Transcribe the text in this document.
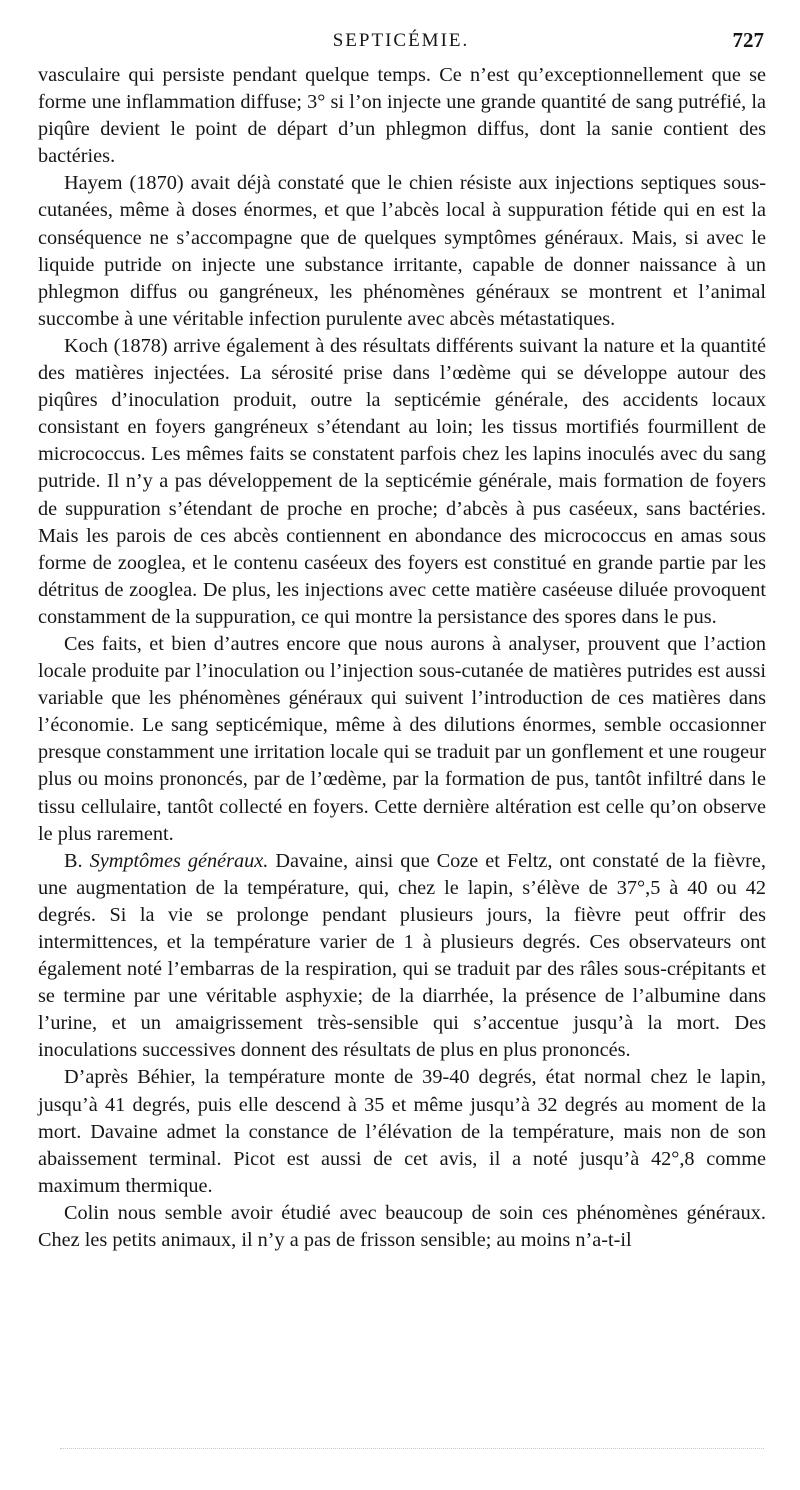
SEPTICÉMIE.	727

vasculaire qui persiste pendant quelque temps. Ce n’est qu’exceptionnellement que se forme une inflammation diffuse; 3° si l’on injecte une grande quantité de sang putréfié, la piqûre devient le point de départ d’un phlegmon diffus, dont la sanie contient des bactéries.

Hayem (1870) avait déjà constaté que le chien résiste aux injections septiques sous-cutanées, même à doses énormes, et que l’abcès local à suppuration fétide qui en est la conséquence ne s’accompagne que de quelques symptômes généraux. Mais, si avec le liquide putride on injecte une substance irritante, capable de donner naissance à un phlegmon diffus ou gangréneux, les phénomènes généraux se montrent et l’animal succombe à une véritable infection purulente avec abcès métastatiques.

Koch (1878) arrive également à des résultats différents suivant la nature et la quantité des matières injectées. La sérosité prise dans l’œdème qui se développe autour des piqûres d’inoculation produit, outre la septicémie générale, des accidents locaux consistant en foyers gangréneux s’étendant au loin; les tissus mortifiés fourmillent de micrococcus. Les mêmes faits se constatent parfois chez les lapins inoculés avec du sang putride. Il n’y a pas développement de la septicémie générale, mais formation de foyers de suppuration s’étendant de proche en proche; d’abcès à pus caséeux, sans bactéries. Mais les parois de ces abcès contiennent en abondance des micrococcus en amas sous forme de zooglea, et le contenu caséeux des foyers est constitué en grande partie par les détritus de zooglea. De plus, les injections avec cette matière caséeuse diluée provoquent constamment de la suppuration, ce qui montre la persistance des spores dans le pus.

Ces faits, et bien d’autres encore que nous aurons à analyser, prouvent que l’action locale produite par l’inoculation ou l’injection sous-cutanée de matières putrides est aussi variable que les phénomènes généraux qui suivent l’introduction de ces matières dans l’économie. Le sang septicémique, même à des dilutions énormes, semble occasionner presque constamment une irritation locale qui se traduit par un gonflement et une rougeur plus ou moins prononcés, par de l’œdème, par la formation de pus, tantôt infiltré dans le tissu cellulaire, tantôt collecté en foyers. Cette dernière altération est celle qu’on observe le plus rarement.

B. Symptômes généraux. Davaine, ainsi que Coze et Feltz, ont constaté de la fièvre, une augmentation de la température, qui, chez le lapin, s’élève de 37°,5 à 40 ou 42 degrés. Si la vie se prolonge pendant plusieurs jours, la fièvre peut offrir des intermittences, et la température varier de 1 à plusieurs degrés. Ces observateurs ont également noté l’embarras de la respiration, qui se traduit par des râles sous-crépitants et se termine par une véritable asphyxie; de la diarrhée, la présence de l’albumine dans l’urine, et un amaigrissement très-sensible qui s’accentue jusqu’à la mort. Des inoculations successives donnent des résultats de plus en plus prononcés.

D’après Béhier, la température monte de 39-40 degrés, état normal chez le lapin, jusqu’à 41 degrés, puis elle descend à 35 et même jusqu’à 32 degrés au moment de la mort. Davaine admet la constance de l’élévation de la température, mais non de son abaissement terminal. Picot est aussi de cet avis, il a noté jusqu’à 42°,8 comme maximum thermique.

Colin nous semble avoir étudié avec beaucoup de soin ces phénomènes généraux. Chez les petits animaux, il n’y a pas de frisson sensible; au moins n’a-t-il
